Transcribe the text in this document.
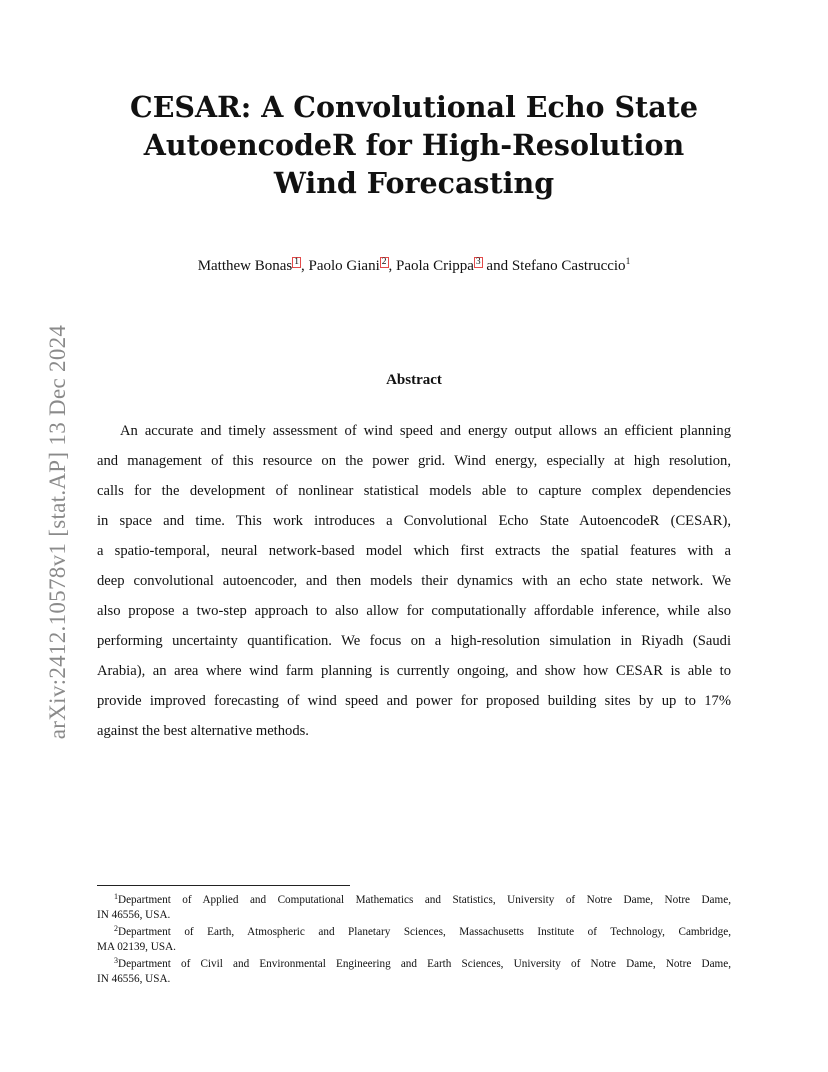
arXiv:2412.10578v1 [stat.AP] 13 Dec 2024
CESAR: A Convolutional Echo State
AutoencodeR for High-Resolution
Wind Forecasting
Matthew Bonas 1 , Paolo Giani 2 , Paola Crippa 3 and Stefano Castruccio$^1$
Abstract
An accurate and timely assessment of wind speed and energy output allows an efficient planning
and management of this resource on the power grid. Wind energy, especially at high resolution,
calls for the development of nonlinear statistical models able to capture complex dependencies
in space and time. This work introduces a Convolutional Echo State AutoencodeR (CESAR),
a spatio-temporal, neural network-based model which first extracts the spatial features with a
deep convolutional autoencoder, and then models their dynamics with an echo state network. We
also propose a two-step approach to also allow for computationally affordable inference, while also
performing uncertainty quantification. We focus on a high-resolution simulation in Riyadh (Saudi
Arabia), an area where wind farm planning is currently ongoing, and show how CESAR is able to
provide improved forecasting of wind speed and power for proposed building sites by up to 17%
against the best alternative methods.
$^1$Department of Applied and Computational Mathematics and Statistics, University of Notre Dame, Notre Dame,
IN 46556, USA.
$^2$Department of Earth, Atmospheric and Planetary Sciences, Massachusetts Institute of Technology, Cambridge,
MA 02139, USA.
$^3$Department of Civil and Environmental Engineering and Earth Sciences, University of Notre Dame, Notre Dame,
IN 46556, USA.
